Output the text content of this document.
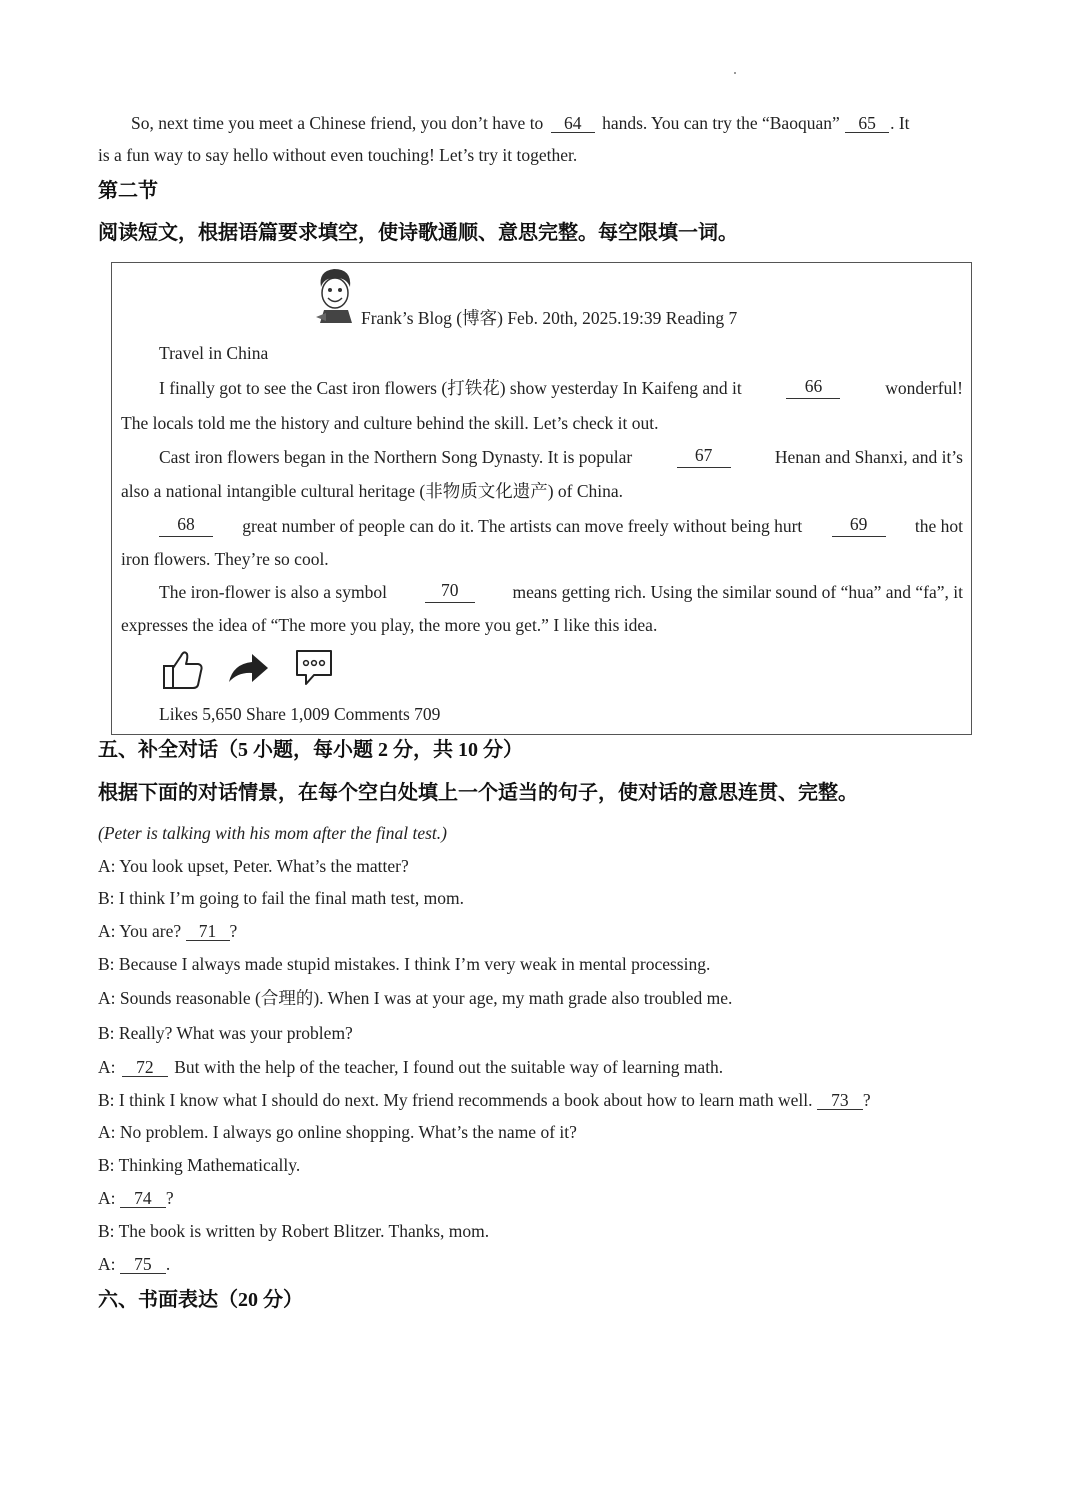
So, next time you meet a Chinese friend, you don’t have to 64 hands. You can try the “Baoquan” 65 . It
is a fun way to say hello without even touching! Let’s try it together.
第二节
阅读短文，根据语篇要求填空，使诗歌通顺、意思完整。每空限填一词。
Frank’s Blog (博客) Feb. 20th, 2025.19:39 Reading 7
Travel in China
I finally got to see the Cast iron flowers (打铁花) show yesterday In Kaifeng and it	66	wonderful!
The locals told me the history and culture behind the skill. Let’s check it out.
Cast iron flowers began in the Northern Song Dynasty. It is popular	67	Henan and Shanxi, and it’s
also a national intangible cultural heritage (非物质文化遗产) of China.
68	great number of people can do it. The artists can move freely without being hurt	69	the hot
iron flowers. They’re so cool.
The iron-flower is also a symbol	70	means getting rich. Using the similar sound of “hua” and “fa”, it
expresses the idea of “The more you play, the more you get.” I like this idea.
Likes 5,650 Share 1,009 Comments 709
五、补全对话（5 小题，每小题 2 分，共 10 分）
根据下面的对话情景，在每个空白处填上一个适当的句子，使对话的意思连贯、完整。
(Peter is talking with his mom after the final test.)
A: You look upset, Peter. What’s the matter?
B: I think I’m going to fail the final math test, mom.
A: You are? 71 ?
B: Because I always made stupid mistakes. I think I’m very weak in mental processing.
A: Sounds reasonable (合理的). When I was at your age, my math grade also troubled me.
B: Really? What was your problem?
A: 72 But with the help of the teacher, I found out the suitable way of learning math.
B: I think I know what I should do next. My friend recommends a book about how to learn math well. 73 ?
A: No problem. I always go online shopping. What’s the name of it?
B: Thinking Mathematically.
A: 74 ?
B: The book is written by Robert Blitzer. Thanks, mom.
A: 75 .
六、书面表达（20 分）
